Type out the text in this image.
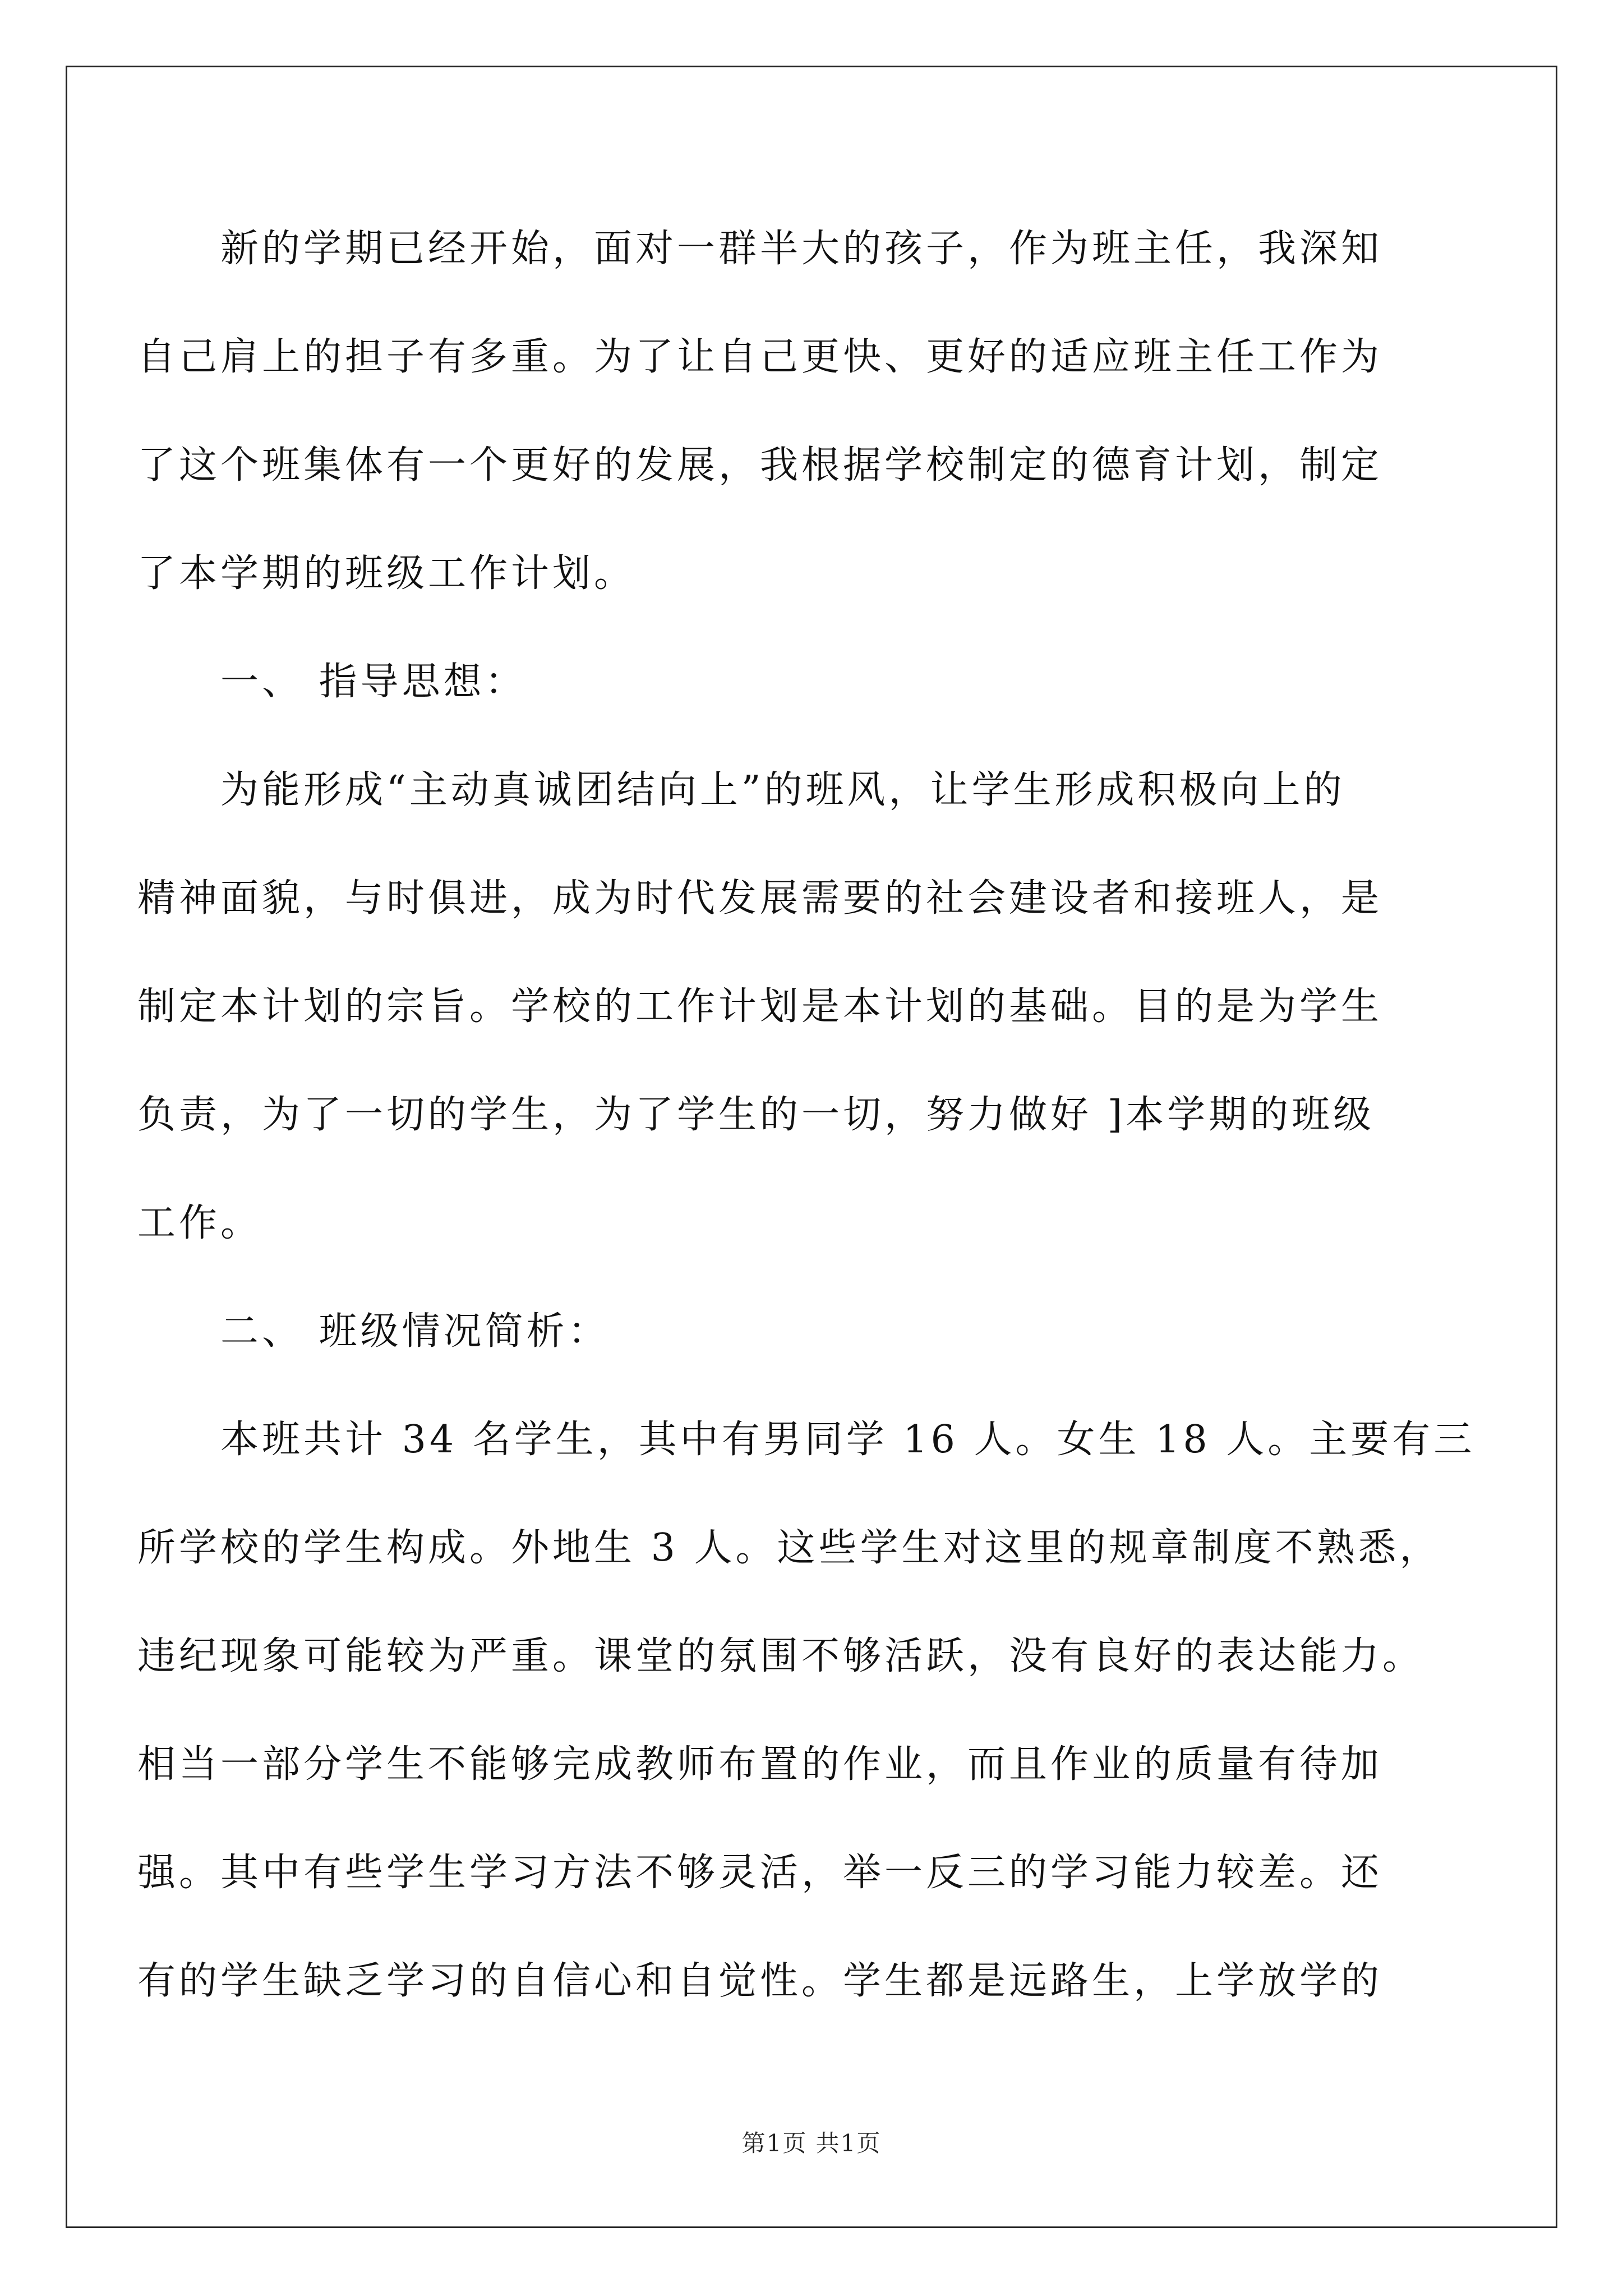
新的学期已经开始，面对一群半大的孩子，作为班主任，我深知
自己肩上的担子有多重。为了让自己更快、更好的适应班主任工作为
了这个班集体有一个更好的发展，我根据学校制定的德育计划，制定
了本学期的班级工作计划。
一、 指导思想：
为能形成“主动真诚团结向上”的班风，让学生形成积极向上的
精神面貌，与时俱进，成为时代发展需要的社会建设者和接班人，是
制定本计划的宗旨。学校的工作计划是本计划的基础。目的是为学生
负责，为了一切的学生，为了学生的一切，努力做好 ]本学期的班级
工作。
二、 班级情况简析：
本班共计 34 名学生，其中有男同学 16 人。女生 18 人。主要有三
所学校的学生构成。外地生 3 人。这些学生对这里的规章制度不熟悉，
违纪现象可能较为严重。课堂的氛围不够活跃，没有良好的表达能力。
相当一部分学生不能够完成教师布置的作业，而且作业的质量有待加
强。其中有些学生学习方法不够灵活，举一反三的学习能力较差。还
有的学生缺乏学习的自信心和自觉性。学生都是远路生，上学放学的
第1页 共1页
